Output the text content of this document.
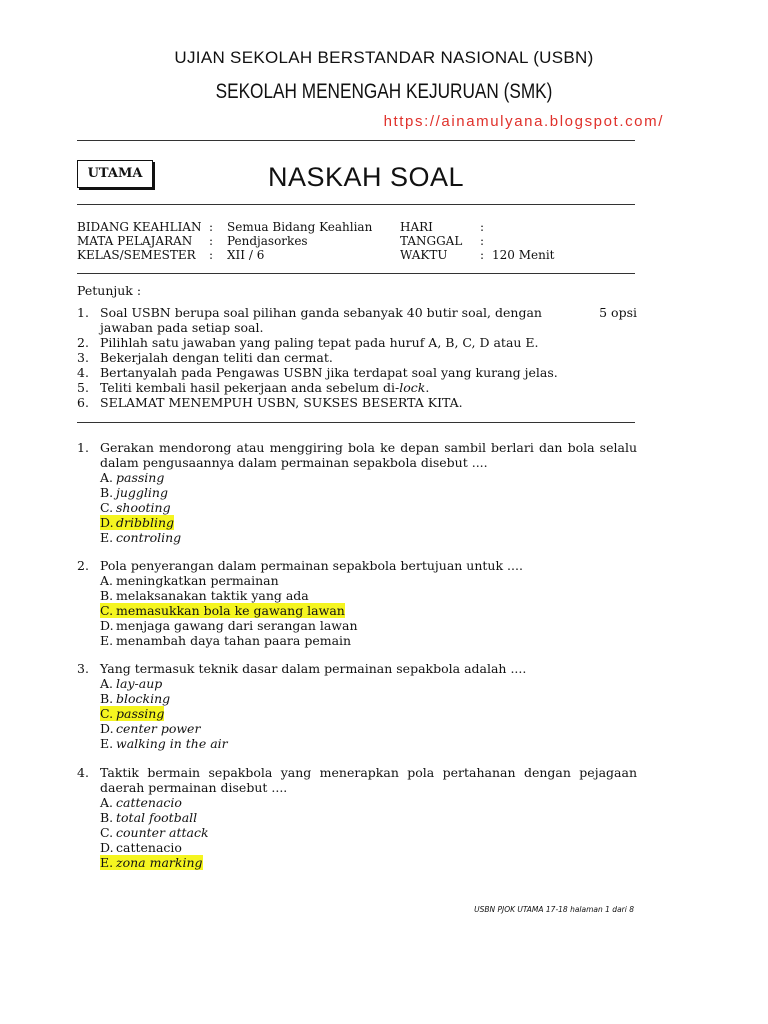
UJIAN SEKOLAH BERSTANDAR NASIONAL (USBN)
SEKOLAH MENENGAH KEJURUAN (SMK)
https://ainamulyana.blogspot.com/
UTAMA	NASKAH SOAL
BIDANG KEAHLIAN
MATA PELAJARAN
KELAS/SEMESTER
:
:
:
Semua Bidang Keahlian
Pendjasorkes
XII / 6
HARI
TANGGAL
WAKTU
:
:
: 120 Menit
Petunjuk :
1. Soal USBN berupa soal pilihan ganda sebanyak 40 butir soal, dengan	5 opsi
jawaban pada setiap soal.
2. Pilihlah satu jawaban yang paling tepat pada huruf A, B, C, D atau E.
3. Bekerjalah dengan teliti dan cermat.
4. Bertanyalah pada Pengawas USBN jika terdapat soal yang kurang jelas.
5. Teliti kembali hasil pekerjaan anda sebelum di-lock.
6. SELAMAT MENEMPUH USBN, SUKSES BESERTA KITA.
1. Gerakan mendorong atau menggiring bola ke depan sambil berlari dan bola selalu dalam pengusaannya dalam permainan sepakbola disebut ....
A. passing
B. juggling
C. shooting
D. dribbling
E. controling
2. Pola penyerangan dalam permainan sepakbola bertujuan untuk ....
A. meningkatkan permainan
B. melaksanakan taktik yang ada
C. memasukkan bola ke gawang lawan
D. menjaga gawang dari serangan lawan
E. menambah daya tahan paara pemain
3. Yang termasuk teknik dasar dalam permainan sepakbola adalah ....
A. lay-aup
B. blocking
C. passing
D. center power
E. walking in the air
4. Taktik bermain sepakbola yang menerapkan pola pertahanan dengan pejagaan daerah permainan disebut ....
A. cattenacio
B. total football
C. counter attack
D. cattenacio
E. zona marking
USBN PJOK UTAMA 17-18 halaman 1 dari 8
